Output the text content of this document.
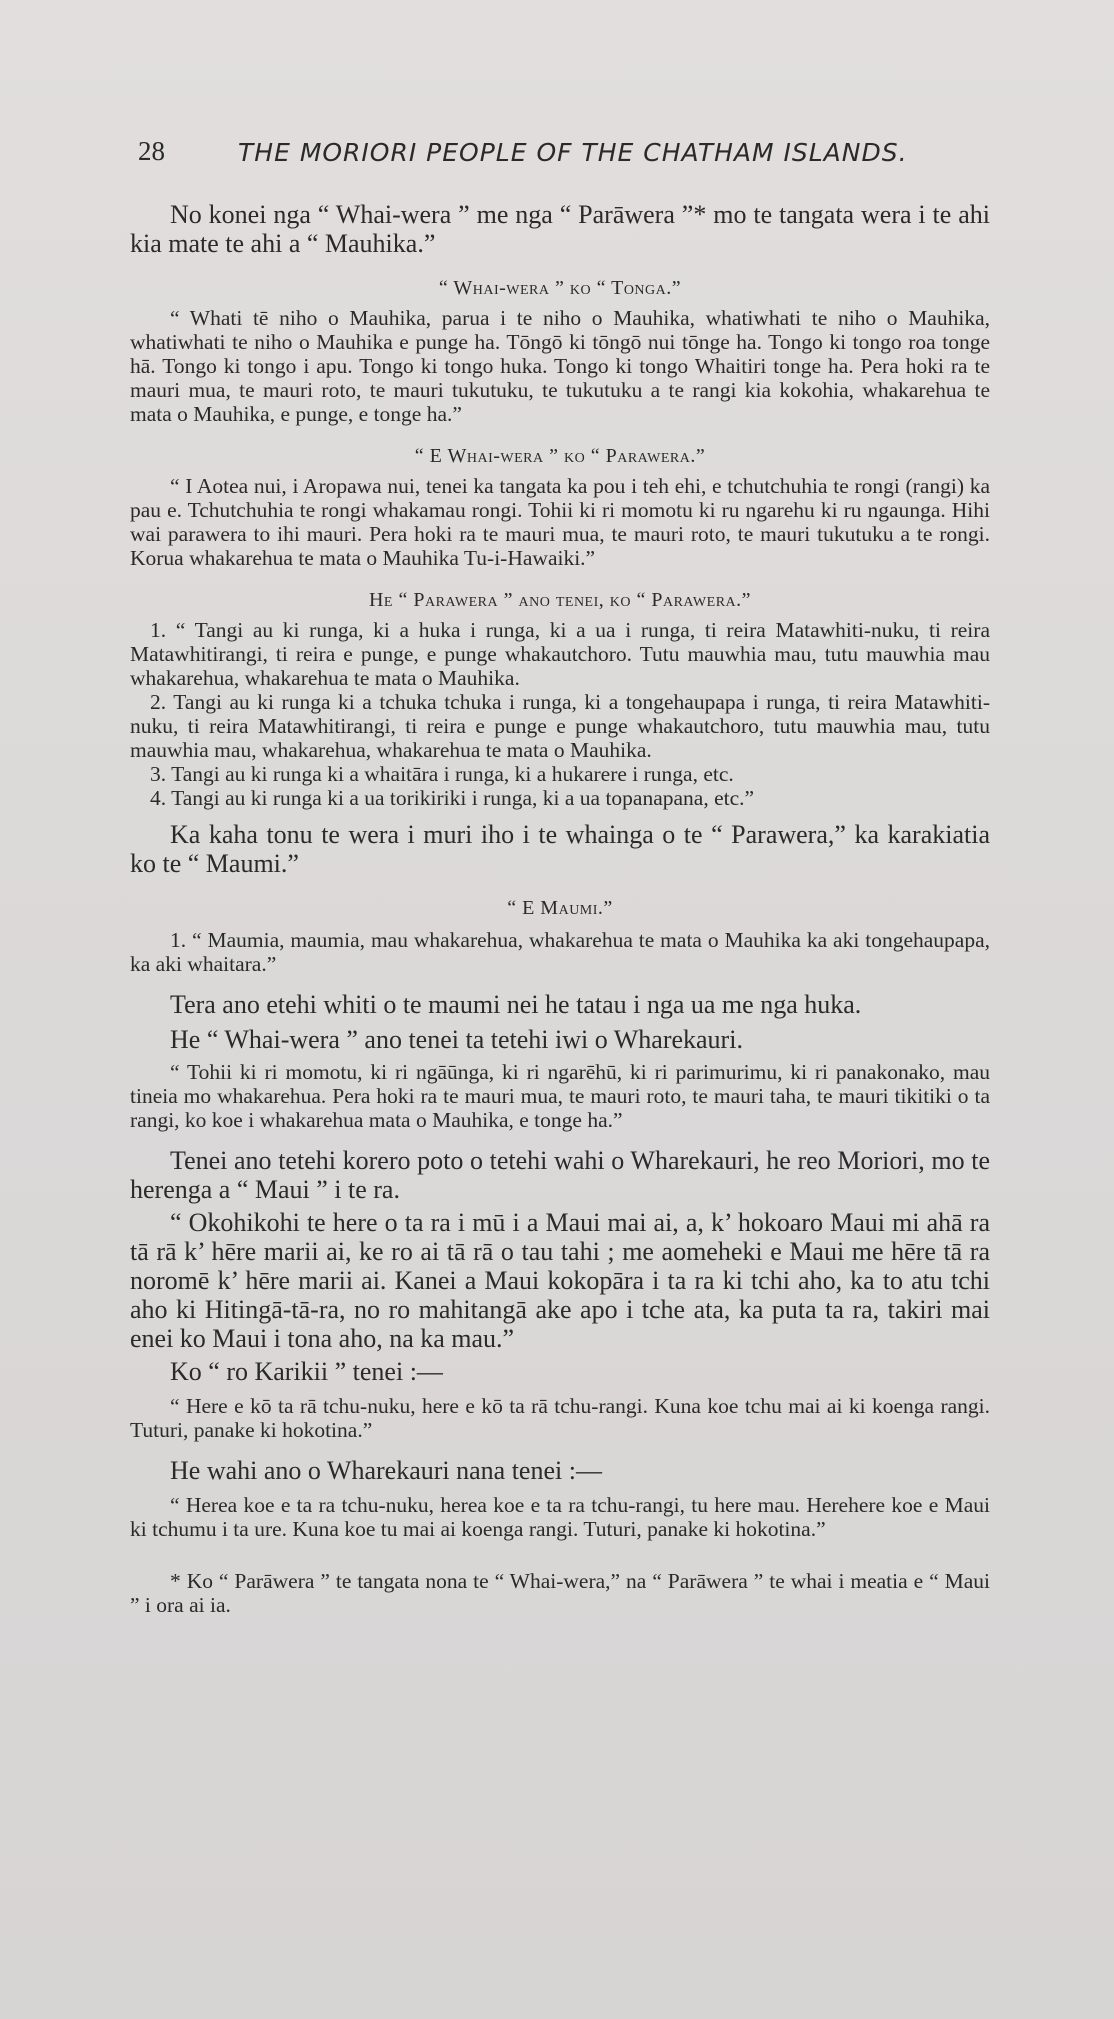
28	THE MORIORI PEOPLE OF THE CHATHAM ISLANDS.

No konei nga “ Whai-wera ” me nga “ Parāwera ”* mo te tangata wera i te ahi kia mate te ahi a “ Mauhika.”

“ Whai-wera ” ko “ Tonga.”

“ Whati tē niho o Mauhika, parua i te niho o Mauhika, whatiwhati te niho o Mauhika, whatiwhati te niho o Mauhika e punge ha. Tōngō ki tōngō nui tōnge ha. Tongo ki tongo roa tonge hā. Tongo ki tongo i apu. Tongo ki tongo huka. Tongo ki tongo Whaitiri tonge ha. Pera hoki ra te mauri mua, te mauri roto, te mauri tukutuku, te tukutuku a te rangi kia kokohia, whakarehua te mata o Mauhika, e punge, e tonge ha.”

“ E Whai-wera ” ko “ Parawera.”

“ I Aotea nui, i Aropawa nui, tenei ka tangata ka pou i teh ehi, e tchutchuhia te rongi (rangi) ka pau e. Tchutchuhia te rongi whakamau rongi. Tohii ki ri momotu ki ru ngarehu ki ru ngaunga. Hihi wai parawera to ihi mauri. Pera hoki ra te mauri mua, te mauri roto, te mauri tukutuku a te rongi. Korua whakarehua te mata o Mauhika Tu-i-Hawaiki.”

He “ Parawera ” ano tenei, ko “ Parawera.”

1. “ Tangi au ki runga, ki a huka i runga, ki a ua i runga, ti reira Matawhiti-nuku, ti reira Matawhitirangi, ti reira e punge, e punge whakautchoro. Tutu mauwhia mau, tutu mauwhia mau whakarehua, whakarehua te mata o Mauhika.

2. Tangi au ki runga ki a tchuka tchuka i runga, ki a tongehaupapa i runga, ti reira Matawhiti-nuku, ti reira Matawhitirangi, ti reira e punge e punge whakautchoro, tutu mauwhia mau, tutu mauwhia mau, whakarehua, whakarehua te mata o Mauhika.

3. Tangi au ki runga ki a whaitāra i runga, ki a hukarere i runga, etc.

4. Tangi au ki runga ki a ua torikiriki i runga, ki a ua topanapana, etc.”

Ka kaha tonu te wera i muri iho i te whainga o te “ Parawera,” ka karakiatia ko te “ Maumi.”

“ E Maumi.”

1. “ Maumia, maumia, mau whakarehua, whakarehua te mata o Mauhika ka aki tongehaupapa, ka aki whaitara.”

Tera ano etehi whiti o te maumi nei he tatau i nga ua me nga huka.

He “ Whai-wera ” ano tenei ta tetehi iwi o Wharekauri.

“ Tohii ki ri momotu, ki ri ngāūnga, ki ri ngarēhū, ki ri parimurimu, ki ri panakonako, mau tineia mo whakarehua. Pera hoki ra te mauri mua, te mauri roto, te mauri taha, te mauri tikitiki o ta rangi, ko koe i whakarehua mata o Mauhika, e tonge ha.”

Tenei ano tetehi korero poto o tetehi wahi o Wharekauri, he reo Moriori, mo te herenga a “ Maui ” i te ra.

“ Okohikohi te here o ta ra i mū i a Maui mai ai, a, k’ hokoaro Maui mi ahā ra tā rā k’ hēre marii ai, ke ro ai tā rā o tau tahi ; me aomeheki e Maui me hēre tā ra noromē k’ hēre marii ai. Kanei a Maui kokopāra i ta ra ki tchi aho, ka to atu tchi aho ki Hitingā-tā-ra, no ro mahitangā ake apo i tche ata, ka puta ta ra, takiri mai enei ko Maui i tona aho, na ka mau.”

Ko “ ro Karikii ” tenei :—

“ Here e kō ta rā tchu-nuku, here e kō ta rā tchu-rangi. Kuna koe tchu mai ai ki koenga rangi. Tuturi, panake ki hokotina.”

He wahi ano o Wharekauri nana tenei :—

“ Herea koe e ta ra tchu-nuku, herea koe e ta ra tchu-rangi, tu here mau. Herehere koe e Maui ki tchumu i ta ure. Kuna koe tu mai ai koenga rangi. Tuturi, panake ki hokotina.”

* Ko “ Parāwera ” te tangata nona te “ Whai-wera,” na “ Parāwera ” te whai i meatia e “ Maui ” i ora ai ia.
